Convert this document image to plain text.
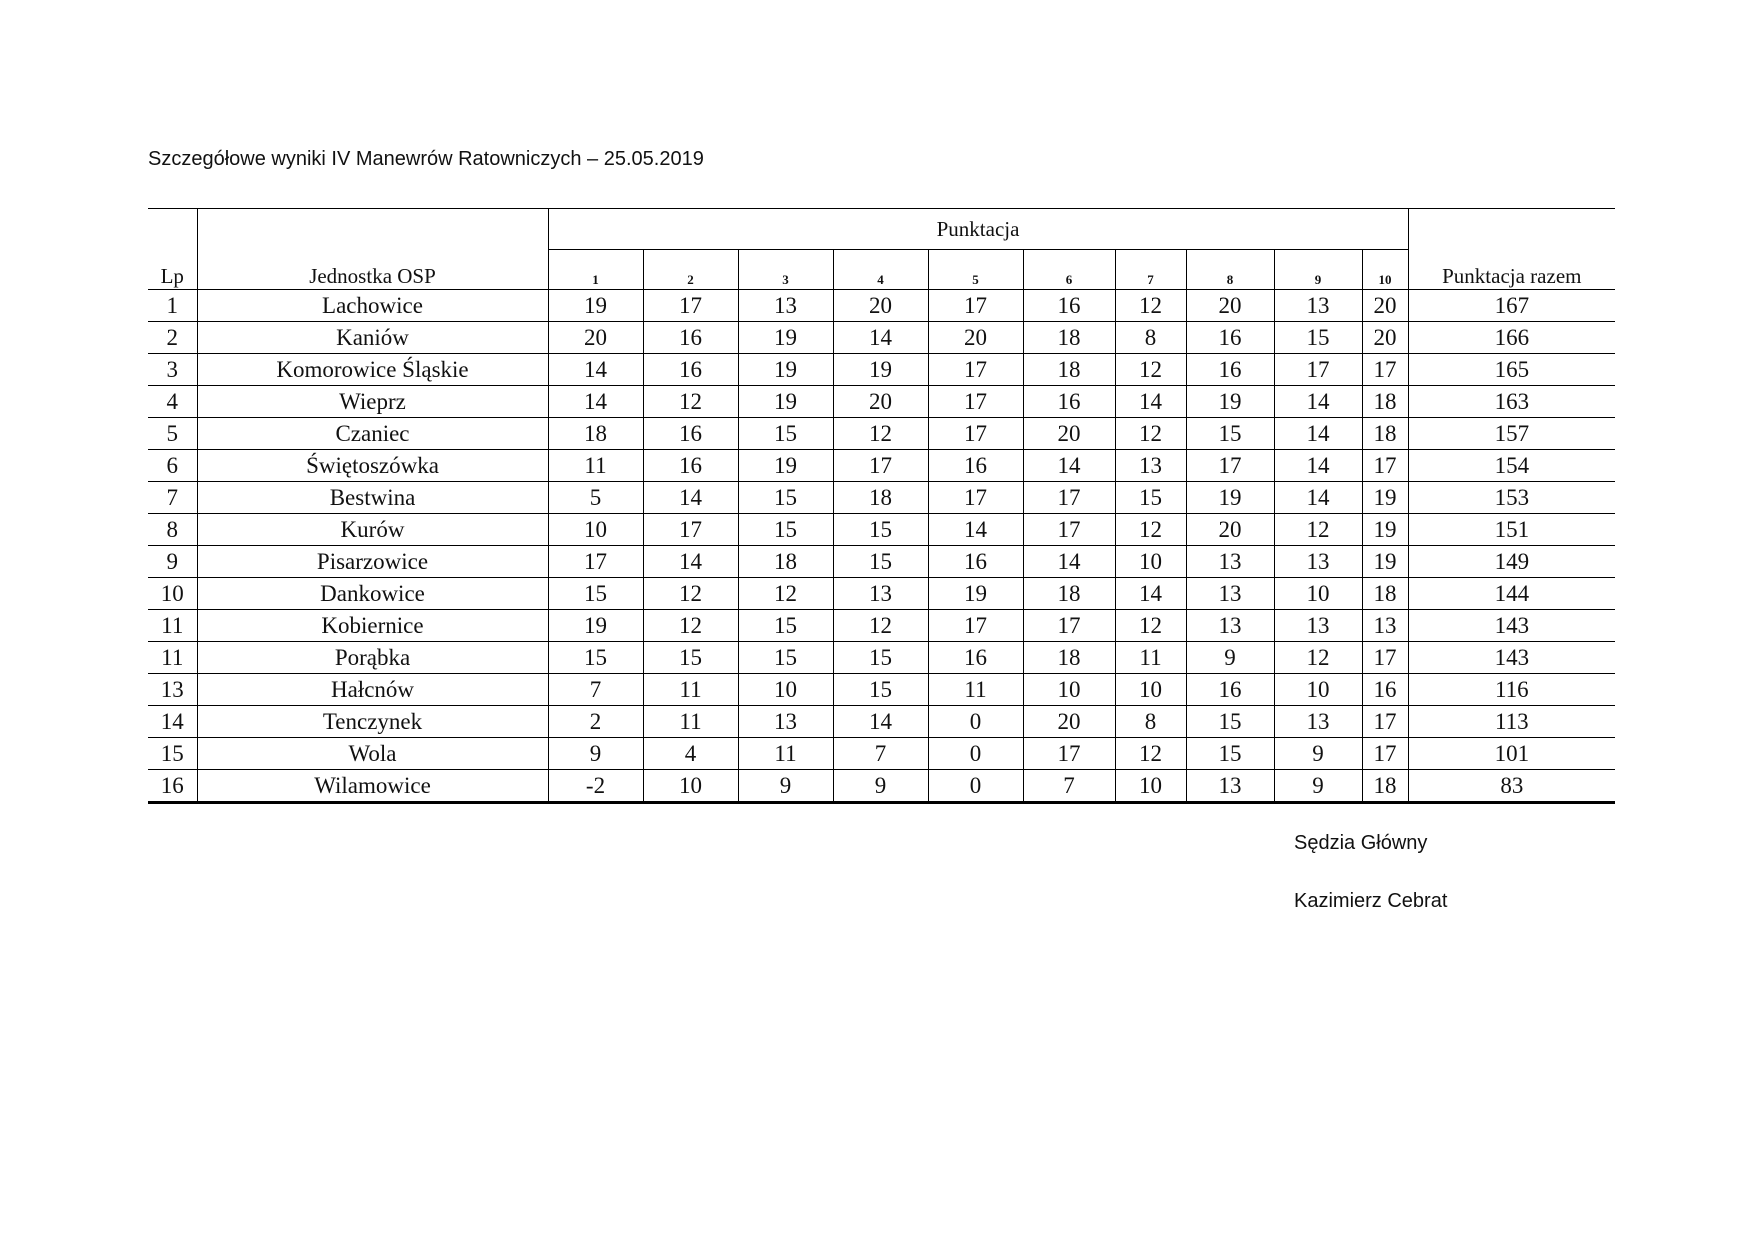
Szczegółowe wyniki IV Manewrów Ratowniczych – 25.05.2019
Lp	Jednostka OSP	Punktacja										Punktacja razem
		1	2	3	4	5	6	7	8	9	10	
1	Lachowice	19	17	13	20	17	16	12	20	13	20	167
2	Kaniów	20	16	19	14	20	18	8	16	15	20	166
3	Komorowice Śląskie	14	16	19	19	17	18	12	16	17	17	165
4	Wieprz	14	12	19	20	17	16	14	19	14	18	163
5	Czaniec	18	16	15	12	17	20	12	15	14	18	157
6	Świętoszówka	11	16	19	17	16	14	13	17	14	17	154
7	Bestwina	5	14	15	18	17	17	15	19	14	19	153
8	Kurów	10	17	15	15	14	17	12	20	12	19	151
9	Pisarzowice	17	14	18	15	16	14	10	13	13	19	149
10	Dankowice	15	12	12	13	19	18	14	13	10	18	144
11	Kobiernice	19	12	15	12	17	17	12	13	13	13	143
11	Porąbka	15	15	15	15	16	18	11	9	12	17	143
13	Hałcnów	7	11	10	15	11	10	10	16	10	16	116
14	Tenczynek	2	11	13	14	0	20	8	15	13	17	113
15	Wola	9	4	11	7	0	17	12	15	9	17	101
16	Wilamowice	-2	10	9	9	0	7	10	13	9	18	83
Sędzia Główny
Kazimierz Cebrat
